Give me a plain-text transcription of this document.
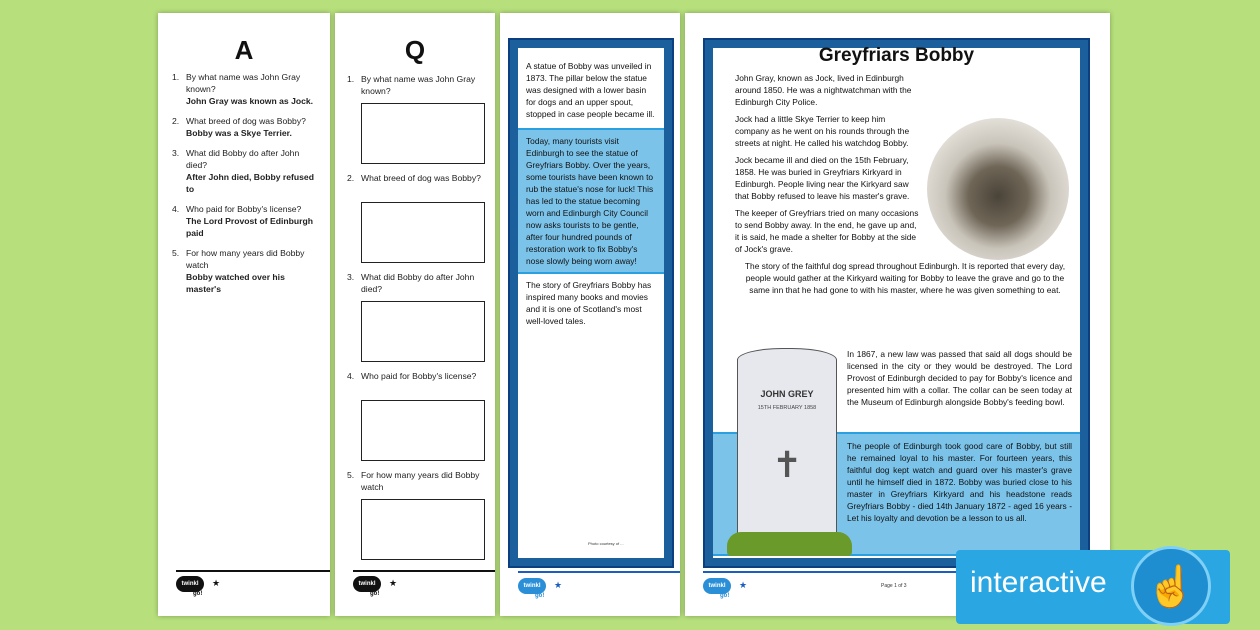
A
1. By what name was John Gray known?
John Gray was known as Jock.
2. What breed of dog was Bobby?
Bobby was a Skye Terrier.
3. What did Bobby do after John died?
After John died, Bobby refused to
4. Who paid for Bobby's license?
The Lord Provost of Edinburgh paid
5. For how many years did Bobby watch
Bobby watched over his master's
twinkl
go!
★
Q
1. By what name was John Gray known?
2. What breed of dog was Bobby?
3. What did Bobby do after John died?
4. Who paid for Bobby's license?
5. For how many years did Bobby watch
twinkl
go!
★

A statue of Bobby was unveiled in 1873. The pillar below the statue was designed with a lower basin for dogs and an upper spout, stopped in case people became ill.

Today, many tourists visit Edinburgh to see the statue of Greyfriars Bobby. Over the years, some tourists have been known to rub the statue's nose for luck! This has led to the statue becoming worn and Edinburgh City Council now asks tourists to be gentle, after four hundred pounds of restoration work to fix Bobby's nose slowly being worn away!

The story of Greyfriars Bobby has inspired many books and movies and it is one of Scotland's most well-loved tales.

Photo courtesy of ...
twinkl
go!
★
Greyfriars Bobby

John Gray, known as Jock, lived in Edinburgh around 1850. He was a nightwatchman with the Edinburgh City Police.

Jock had a little Skye Terrier to keep him company as he went on his rounds through the streets at night. He called his watchdog Bobby.

Jock became ill and died on the 15th February, 1858. He was buried in Greyfriars Kirkyard in Edinburgh. People living near the Kirkyard saw that Bobby refused to leave his master's grave.

The keeper of Greyfriars tried on many occasions to send Bobby away. In the end, he gave up and, it is said, he made a shelter for Bobby at the side of Jock's grave.

The story of the faithful dog spread throughout Edinburgh. It is reported that every day, people would gather at the Kirkyard waiting for Bobby to leave the grave and go to the same inn that he had gone to with his master, where he was given something to eat.

In 1867, a new law was passed that said all dogs should be licensed in the city or they would be destroyed. The Lord Provost of Edinburgh decided to pay for Bobby's licence and presented him with a collar. The collar can be seen today at the Museum of Edinburgh alongside Bobby's feeding bowl.
The people of Edinburgh took good care of Bobby, but still he remained loyal to his master. For fourteen years, this faithful dog kept watch and guard over his master's grave until he himself died in 1872. Bobby was buried close to his master in Greyfriars Kirkyard and his headstone reads Greyfriars Bobby - died 14th January 1872 - aged 16 years - Let his loyalty and devotion be a lesson to us all.
JOHN GREY
15TH FEBRUARY 1858
✝
twinkl
go!
★	Page 1 of 3 interactive ☝
